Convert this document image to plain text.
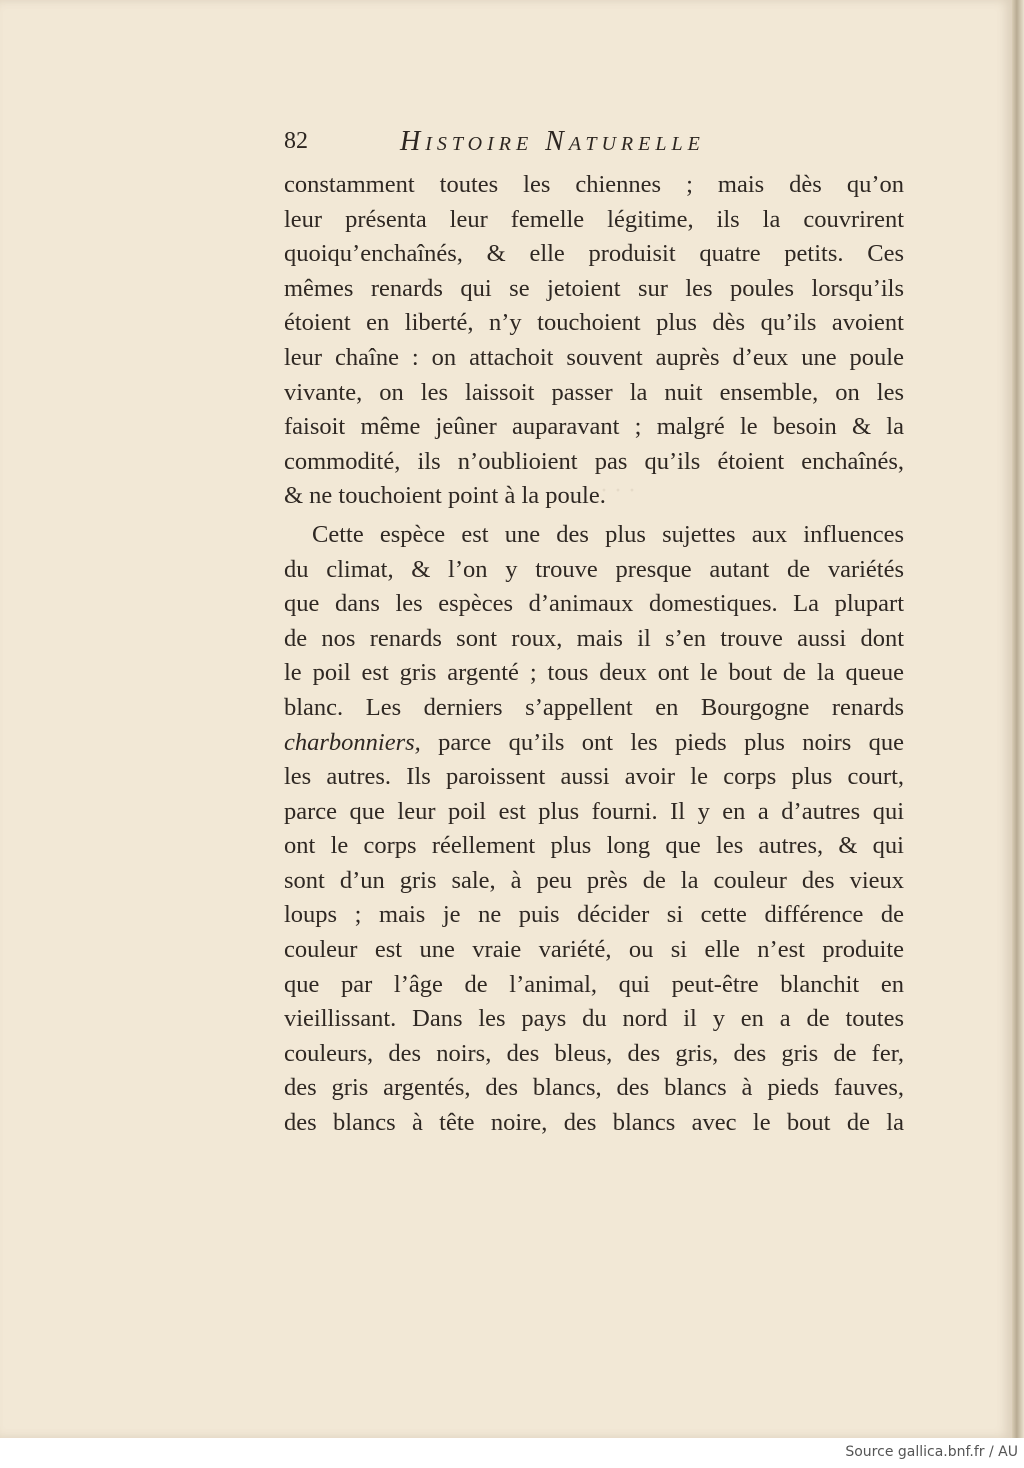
· · ·
82	Histoire Naturelle
constamment toutes les chiennes ; mais dès qu’on
leur présenta leur femelle légitime, ils la couvrirent
quoiqu’enchaînés, & elle produisit quatre petits. Ces
mêmes renards qui se jetoient sur les poules lorsqu’ils
étoient en liberté, n’y touchoient plus dès qu’ils avoient
leur chaîne : on attachoit souvent auprès d’eux une poule
vivante, on les laissoit passer la nuit ensemble, on les
faisoit même jeûner auparavant ; malgré le besoin & la
commodité, ils n’oublioient pas qu’ils étoient enchaînés,
& ne touchoient point à la poule.
Cette espèce est une des plus sujettes aux influences
du climat, & l’on y trouve presque autant de variétés
que dans les espèces d’animaux domestiques. La plupart
de nos renards sont roux, mais il s’en trouve aussi dont
le poil est gris argenté ; tous deux ont le bout de la queue
blanc. Les derniers s’appellent en Bourgogne renards
charbonniers, parce qu’ils ont les pieds plus noirs que
les autres. Ils paroissent aussi avoir le corps plus court,
parce que leur poil est plus fourni. Il y en a d’autres qui
ont le corps réellement plus long que les autres, & qui
sont d’un gris sale, à peu près de la couleur des vieux
loups ; mais je ne puis décider si cette différence de
couleur est une vraie variété, ou si elle n’est produite
que par l’âge de l’animal, qui peut-être blanchit en
vieillissant. Dans les pays du nord il y en a de toutes
couleurs, des noirs, des bleus, des gris, des gris de fer,
des gris argentés, des blancs, des blancs à pieds fauves,
des blancs à tête noire, des blancs avec le bout de la
Source gallica.bnf.fr / AU
